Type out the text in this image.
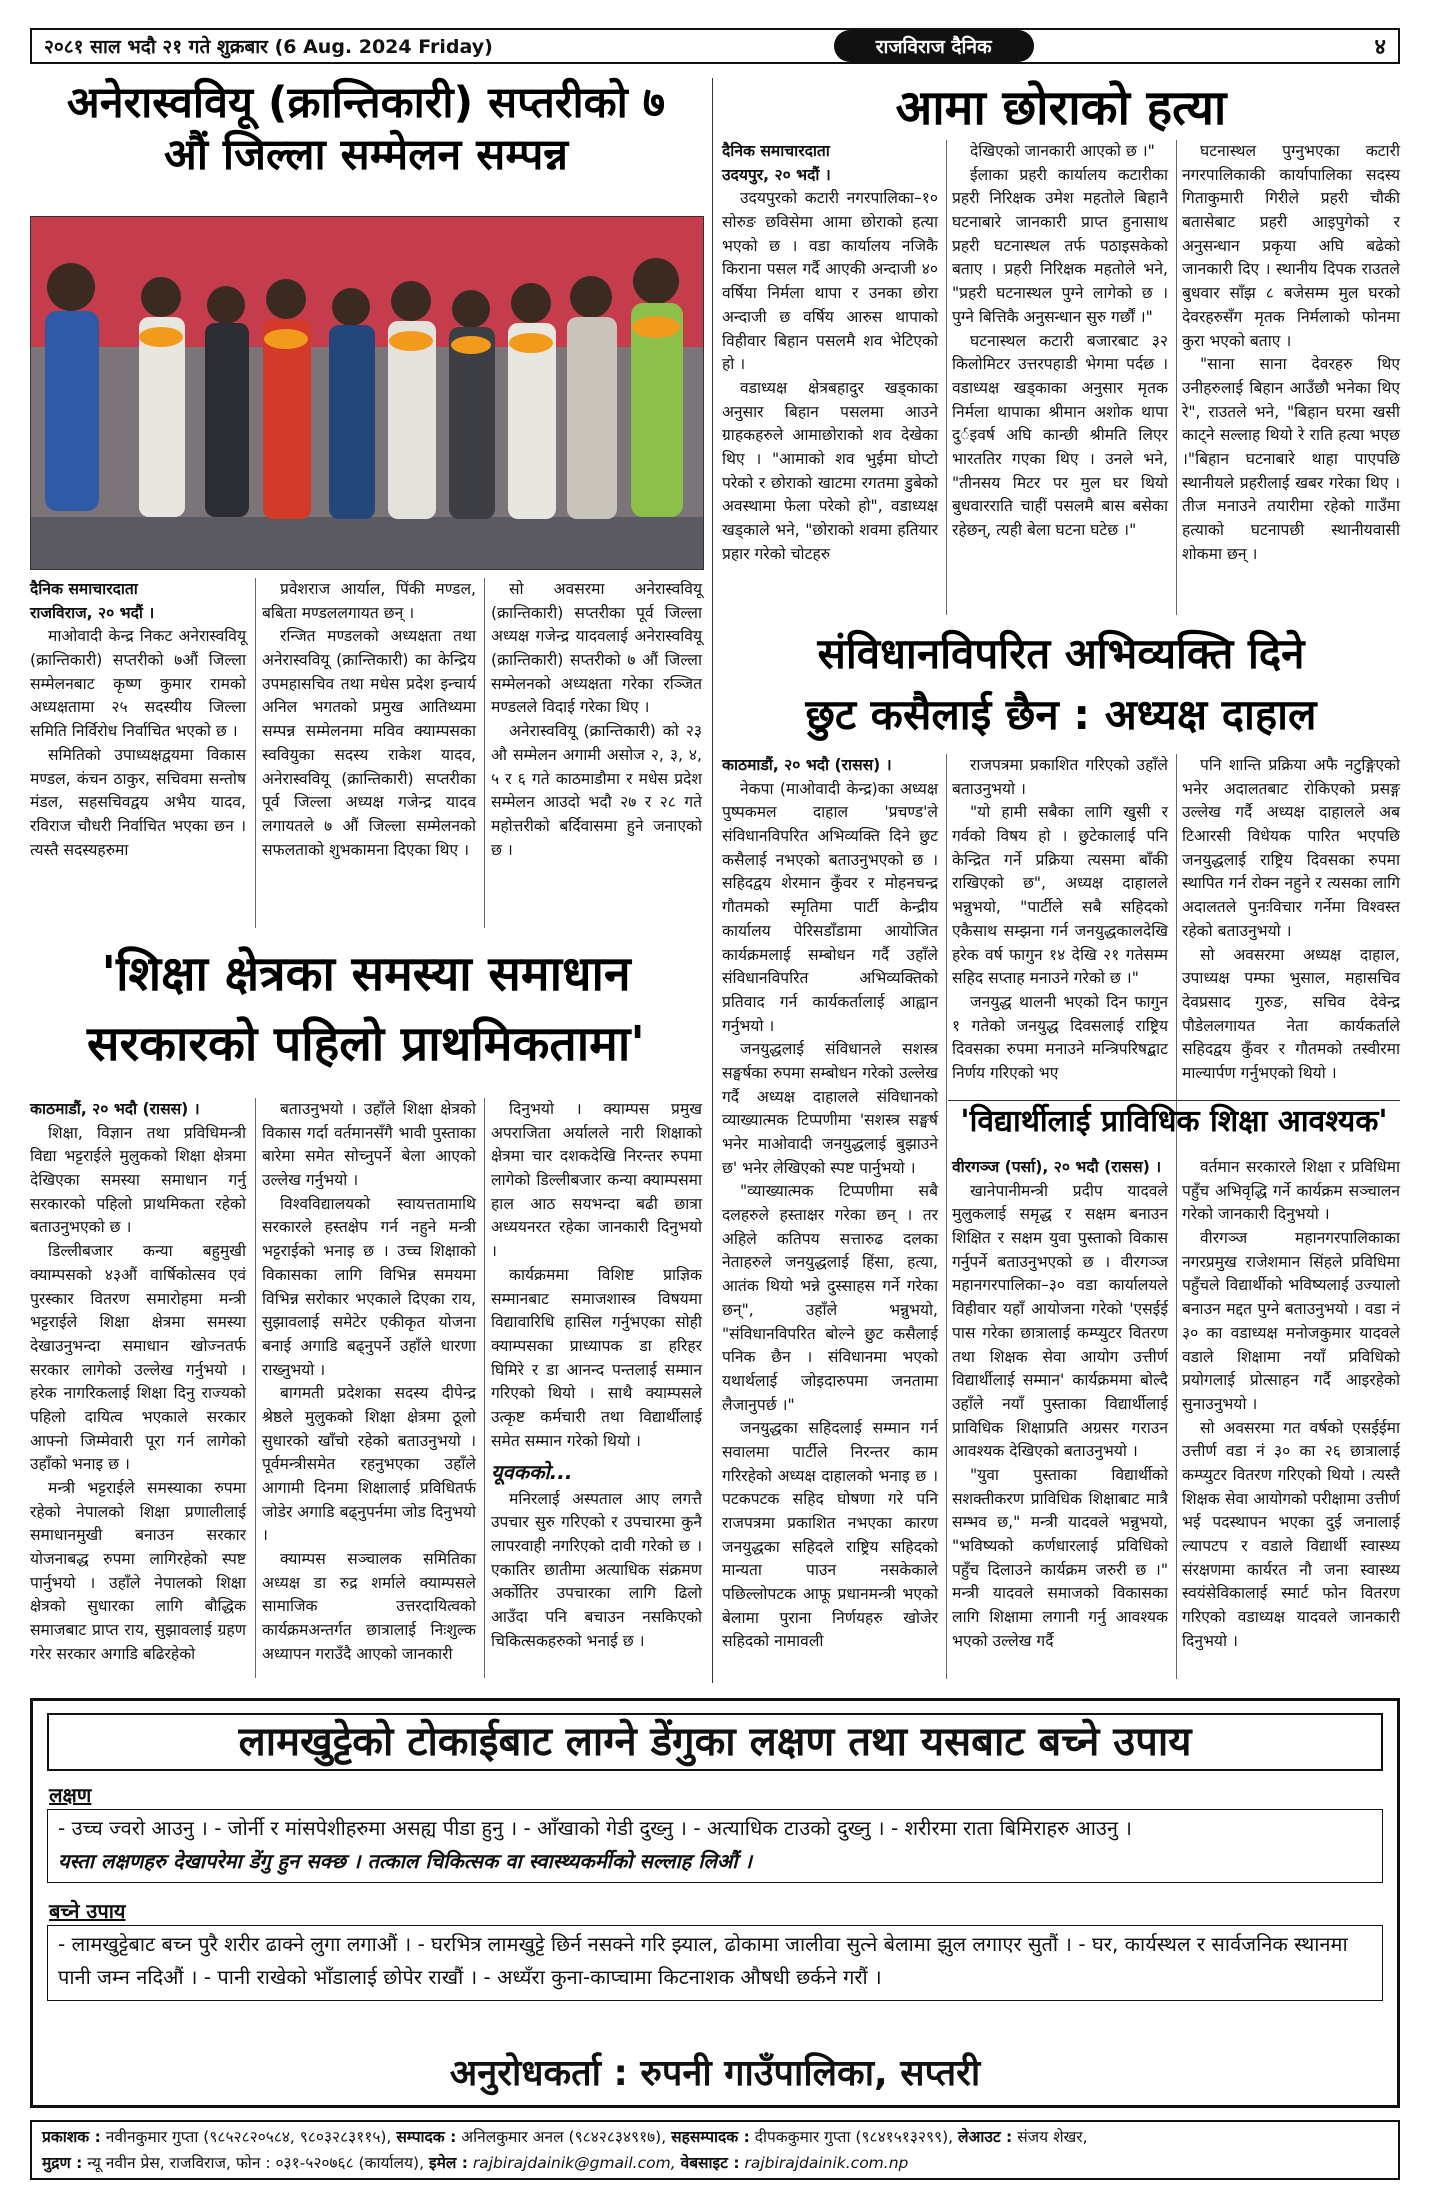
२०८१ साल भदौ २१ गते शुक्रबार (6 Aug. 2024 Friday)	राजविराज दैनिक	४
अनेरास्ववियू (क्रान्तिकारी) सप्तरीको ७
औं जिल्ला सम्मेलन सम्पन्न

दैनिक समाचारदाता

राजविराज, २० भदौं ।

माओवादी केन्द्र निकट अनेरास्ववियू (क्रान्तिकारी) सप्तरीको ७औं जिल्ला सम्मेलनबाट कृष्ण कुमार रामको अध्यक्षतामा २५ सदस्यीय जिल्ला समिति निर्विरोध निर्वाचित भएको छ ।

समितिको उपाध्यक्षद्वयमा विकास मण्डल, कंचन ठाकुर, सचिवमा सन्तोष मंडल, सहसचिवद्वय अभैय यादव, रविराज चौधरी निर्वाचित भएका छन । त्यस्तै सदस्यहरुमा

प्रवेशराज आर्याल, पिंकी मण्डल, बबिता मण्डललगायत छन् ।

रन्जित मण्डलको अध्यक्षता तथा अनेरास्ववियू (क्रान्तिकारी) का केन्द्रिय उपमहासचिव तथा मधेस प्रदेश इन्चार्य अनिल भगतको प्रमुख आतिथ्यमा सम्पन्न सम्मेलनमा मविव क्याम्पसका स्ववियुका सदस्य राकेश यादव, अनेरास्ववियू (क्रान्तिकारी) सप्तरीका पूर्व जिल्ला अध्यक्ष गजेन्द्र यादव लगायतले ७ औं जिल्ला सम्मेलनको सफलताको शुभकामना दिएका थिए ।

सो अवसरमा अनेरास्ववियू (क्रान्तिकारी) सप्तरीका पूर्व जिल्ला अध्यक्ष गजेन्द्र यादवलाई अनेरास्ववियू (क्रान्तिकारी) सप्तरीको ७ औं जिल्ला सम्मेलनको अध्यक्षता गरेका रञ्जित मण्डलले विदाई गरेका थिए ।

अनेरास्ववियू (क्रान्तिकारी) को २३ औ सम्मेलन अगामी असोज २, ३, ४, ५ र ६ गते काठमाडौमा र मधेस प्रदेश सम्मेलन आउदो भदौ २७ र २८ गते महोत्तरीको बर्दिवासमा हुने जनाएको छ ।

'शिक्षा क्षेत्रका समस्या समाधान
सरकारको पहिलो प्राथमिकतामा'

काठमाडौं, २० भदौ (रासस) ।

शिक्षा, विज्ञान तथा प्रविधिमन्त्री विद्या भट्टराईले मुलुकको शिक्षा क्षेत्रमा देखिएका समस्या समाधान गर्नु सरकारको पहिलो प्राथमिकता रहेको बताउनुभएको छ ।

डिल्लीबजार कन्या बहुमुखी क्याम्पसको ४३औं वार्षिकोत्सव एवं पुरस्कार वितरण समारोहमा मन्त्री भट्टराईले शिक्षा क्षेत्रमा समस्या देखाउनुभन्दा समाधान खोज्नतर्फ सरकार लागेको उल्लेख गर्नुभयो । हरेक नागरिकलाई शिक्षा दिनु राज्यको पहिलो दायित्व भएकाले सरकार आफ्नो जिम्मेवारी पूरा गर्न लागेको उहाँको भनाइ छ ।

मन्त्री भट्टराईले समस्याका रुपमा रहेको नेपालको शिक्षा प्रणालीलाई समाधानमुखी बनाउन सरकार योजनाबद्ध रुपमा लागिरहेको स्पष्ट पार्नुभयो । उहाँले नेपालको शिक्षा क्षेत्रको सुधारका लागि बौद्धिक समाजबाट प्राप्त राय, सुझावलाई ग्रहण गरेर सरकार अगाडि बढिरहेको

बताउनुभयो । उहाँले शिक्षा क्षेत्रको विकास गर्दा वर्तमानसँगै भावी पुस्ताका बारेमा समेत सोच्नुपर्ने बेला आएको उल्लेख गर्नुभयो ।

विश्वविद्यालयको स्वायत्ततामाथि सरकारले हस्तक्षेप गर्न नहुने मन्त्री भट्टराईको भनाइ छ । उच्च शिक्षाको विकासका लागि विभिन्न समयमा विभिन्न सरोकार भएकाले दिएका राय, सुझावलाई समेटेर एकीकृत योजना बनाई अगाडि बढ्नुपर्ने उहाँले धारणा राख्नुभयो ।

बागमती प्रदेशका सदस्य दीपेन्द्र श्रेष्ठले मुलुकको शिक्षा क्षेत्रमा ठूलो सुधारको खाँचो रहेको बताउनुभयो । पूर्वमन्त्रीसमेत रहनुभएका उहाँले आगामी दिनमा शिक्षालाई प्रविधितर्फ जोडेर अगाडि बढ्नुपर्नमा जोड दिनुभयो ।

क्याम्पस सञ्चालक समितिका अध्यक्ष डा रुद्र शर्माले क्याम्पसले सामाजिक उत्तरदायित्वको कार्यक्रमअन्तर्गत छात्रालाई निःशुल्क अध्यापन गराउँदै आएको जानकारी

दिनुभयो । क्याम्पस प्रमुख अपराजिता अर्यालले नारी शिक्षाको क्षेत्रमा चार दशकदेखि निरन्तर रुपमा लागेको डिल्लीबजार कन्या क्याम्पसमा हाल आठ सयभन्दा बढी छात्रा अध्ययनरत रहेका जानकारी दिनुभयो ।

कार्यक्रममा विशिष्ट प्राज्ञिक सम्मानबाट समाजशास्त्र विषयमा विद्यावारिधि हासिल गर्नुभएका सोही क्याम्पसका प्राध्यापक डा हरिहर घिमिरे र डा आनन्द पन्तलाई सम्मान गरिएको थियो । साथै क्याम्पसले उत्कृष्ट कर्मचारी तथा विद्यार्थीलाई समेत सम्मान गरेको थियो ।

यूवकको...

मनिरलाई अस्पताल आए लगत्तै उपचार सुरु गरिएको र उपचारमा कुनै लापरवाही नगरिएको दावी गरेको छ । एकातिर छातीमा अत्याधिक संक्रमण अर्कोतिर उपचारका लागि ढिलो आउँदा पनि बचाउन नसकिएको चिकित्सकहरुको भनाई छ ।

आमा छोराको हत्या

दैनिक समाचारदाता

उदयपुर, २० भदौं ।

उदयपुरको कटारी नगरपालिका–१० सोरुङ छविसेमा आमा छोराको हत्या भएको छ । वडा कार्यालय नजिकै किराना पसल गर्दै आएकी अन्दाजी ४० वर्षिया निर्मला थापा र उनका छोरा अन्दाजी छ वर्षिय आरुस थापाको विहीवार बिहान पसलमै शव भेटिएको हो ।

वडाध्यक्ष क्षेत्रबहादुर खड्काका अनुसार बिहान पसलमा आउने ग्राहकहरुले आमाछोराको शव देखेका थिए । "आमाको शव भुईमा घोप्टो परेको र छोराको खाटमा रगतमा डुबेको अवस्थामा फेला परेको हो", वडाध्यक्ष खड्काले भने, "छोराको शवमा हतियार प्रहार गरेको चोटहरु

देखिएको जानकारी आएको छ ।"

ईलाका प्रहरी कार्यालय कटारीका प्रहरी निरिक्षक उमेश महतोले बिहानै घटनाबारे जानकारी प्राप्त हुनासाथ प्रहरी घटनास्थल तर्फ पठाइसकेको बताए । प्रहरी निरिक्षक महतोले भने, "प्रहरी घटनास्थल पुग्ने लागेको छ । पुग्ने बित्तिकै अनुसन्धान सुरु गर्छौं ।"

घटनास्थल कटारी बजारबाट ३२ किलोमिटर उत्तरपहाडी भेगमा पर्दछ । वडाध्यक्ष खड्काका अनुसार मृतक निर्मला थापाका श्रीमान अशोक थापा दुर्इवर्ष अघि कान्छी श्रीमति लिएर भारततिर गएका थिए । उनले भने, "तीनसय मिटर पर मुल घर थियो बुधवारराति चाहीं पसलमै बास बसेका रहेछन्, त्यही बेला घटना घटेछ ।"

घटनास्थल पुग्नुभएका कटारी नगरपालिकाकी कार्यापालिका सदस्य गिताकुमारी गिरीले प्रहरी चौकी बतासेबाट प्रहरी आइपुगेको र अनुसन्धान प्रकृया अघि बढेको जानकारी दिए । स्थानीय दिपक राउतले बुधवार साँझ ८ बजेसम्म मुल घरको देवरहरुसँग मृतक निर्मलाको फोनमा कुरा भएको बताए ।

"साना साना देवरहरु थिए उनीहरुलाई बिहान आउँछौ भनेका थिए रे", राउतले भने, "बिहान घरमा खसी काट्ने सल्लाह थियो रे राति हत्या भएछ ।"बिहान घटनाबारे थाहा पाएपछि स्थानीयले प्रहरीलाई खबर गरेका थिए । तीज मनाउने तयारीमा रहेको गाउँमा हत्याको घटनापछी स्थानीयवासी शोकमा छन् ।

संविधानविपरित अभिव्यक्ति दिने
छुट कसैलाई छैन : अध्यक्ष दाहाल

काठमाडौं, २० भदौ (रासस) ।

नेकपा (माओवादी केन्द्र)का अध्यक्ष पुष्पकमल दाहाल 'प्रचण्ड'ले संविधानविपरित अभिव्यक्ति दिने छुट कसैलाई नभएको बताउनुभएको छ । सहिदद्वय शेरमान कुँवर र मोहनचन्द्र गौतमको स्मृतिमा पार्टी केन्द्रीय कार्यालय पेरिसडाँडामा आयोजित कार्यक्रमलाई सम्बोधन गर्दै उहाँले संविधानविपरित अभिव्यक्तिको प्रतिवाद गर्न कार्यकर्तालाई आह्वान गर्नुभयो ।

जनयुद्धलाई संविधानले सशस्त्र सङ्घर्षका रुपमा सम्बोधन गरेको उल्लेख गर्दै अध्यक्ष दाहालले संविधानको व्याख्यात्मक टिप्पणीमा 'सशस्त्र सङ्घर्ष भनेर माओवादी जनयुद्धलाई बुझाउने छ' भनेर लेखिएको स्पष्ट पार्नुभयो ।

"व्याख्यात्मक टिप्पणीमा सबै दलहरुले हस्ताक्षर गरेका छन् । तर अहिले कतिपय सत्तारुढ दलका नेताहरुले जनयुद्धलाई हिंसा, हत्या, आतंक थियो भन्ने दुस्साहस गर्ने गरेका छन्", उहाँले भन्नुभयो, "संविधानविपरित बोल्ने छुट कसैलाई पनिक छैन । संविधानमा भएको यथार्थलाई जोइदारुपमा जनतामा लैजानुपर्छ ।"

जनयुद्धका सहिदलाई सम्मान गर्न सवालमा पार्टीले निरन्तर काम गरिरहेको अध्यक्ष दाहालको भनाइ छ । पटकपटक सहिद घोषणा गरे पनि राजपत्रमा प्रकाशित नभएका कारण जनयुद्धका सहिदले राष्ट्रिय सहिदको मान्यता पाउन नसकेकाले पछिल्लोपटक आफू प्रधानमन्त्री भएको बेलामा पुराना निर्णयहरु खोजेर सहिदको नामावली

राजपत्रमा प्रकाशित गरिएको उहाँले बताउनुभयो ।

"यो हामी सबैका लागि खुसी र गर्वको विषय हो । छुटेकालाई पनि केन्द्रित गर्ने प्रक्रिया त्यसमा बाँकी राखिएको छ", अध्यक्ष दाहालले भन्नुभयो, "पार्टीले सबै सहिदको एकैसाथ सम्झना गर्न जनयुद्धकालदेखि हरेक वर्ष फागुन १४ देखि २१ गतेसम्म सहिद सप्ताह मनाउने गरेको छ ।"

जनयुद्ध थालनी भएको दिन फागुन १ गतेको जनयुद्ध दिवसलाई राष्ट्रिय दिवसका रुपमा मनाउने मन्त्रिपरिषद्बाट निर्णय गरिएको भए

पनि शान्ति प्रक्रिया अफै नटुङ्गिएको भनेर अदालतबाट रोकिएको प्रसङ्ग उल्लेख गर्दै अध्यक्ष दाहालले अब टिआरसी विधेयक पारित भएपछि जनयुद्धलाई राष्ट्रिय दिवसका रुपमा स्थापित गर्न रोक्न नहुने र त्यसका लागि अदालतले पुनःविचार गर्नेमा विश्वस्त रहेको बताउनुभयो ।

सो अवसरमा अध्यक्ष दाहाल, उपाध्यक्ष पम्फा भुसाल, महासचिव देवप्रसाद गुरुङ, सचिव देवेन्द्र पौडेललगायत नेता कार्यकर्ताले सहिदद्वय कुँवर र गौतमको तस्वीरमा माल्यार्पण गर्नुभएको थियो ।

'विद्यार्थीलाई प्राविधिक शिक्षा आवश्यक'

वीरगञ्ज (पर्सा), २० भदौ (रासस) ।

खानेपानीमन्त्री प्रदीप यादवले मुलुकलाई समृद्ध र सक्षम बनाउन शिक्षित र सक्षम युवा पुस्ताको विकास गर्नुपर्ने बताउनुभएको छ । वीरगञ्ज महानगरपालिका–३० वडा कार्यालयले विहीवार यहाँ आयोजना गरेको 'एसईई पास गरेका छात्रालाई कम्प्युटर वितरण तथा शिक्षक सेवा आयोग उत्तीर्ण विद्यार्थीलाई सम्मान' कार्यक्रममा बोल्दै उहाँले नयाँ पुस्ताका विद्यार्थीलाई प्राविधिक शिक्षाप्रति अग्रसर गराउन आवश्यक देखिएको बताउनुभयो ।

"युवा पुस्ताका विद्यार्थीको सशक्तीकरण प्राविधिक शिक्षाबाट मात्रै सम्भव छ," मन्त्री यादवले भन्नुभयो, "भविष्यको कर्णधारलाई प्रविधिको पहुँच दिलाउने कार्यक्रम जरुरी छ ।" मन्त्री यादवले समाजको विकासका लागि शिक्षामा लगानी गर्नु आवश्यक भएको उल्लेख गर्दै

वर्तमान सरकारले शिक्षा र प्रविधिमा पहुँच अभिवृद्धि गर्ने कार्यक्रम सञ्चालन गरेको जानकारी दिनुभयो ।

वीरगञ्ज महानगरपालिकाका नगरप्रमुख राजेशमान सिंहले प्रविधिमा पहुँचले विद्यार्थीको भविष्यलाई उज्यालो बनाउन मद्दत पुग्ने बताउनुभयो । वडा नं ३० का वडाध्यक्ष मनोजकुमार यादवले वडाले शिक्षामा नयाँ प्रविधिको प्रयोगलाई प्रोत्साहन गर्दै आइरहेको सुनाउनुभयो ।

सो अवसरमा गत वर्षको एसईईमा उत्तीर्ण वडा नं ३० का २६ छात्रालाई कम्प्युटर वितरण गरिएको थियो । त्यस्तै शिक्षक सेवा आयोगको परीक्षामा उत्तीर्ण भई पदस्थापन भएका दुई जनालाई ल्यापटप र वडाले विद्यार्थी स्वास्थ्य संरक्षणमा कार्यरत नौ जना स्वास्थ्य स्वयंसेविकालाई स्मार्ट फोन वितरण गरिएको वडाध्यक्ष यादवले जानकारी दिनुभयो ।

लामखुट्टेको टोकाईबाट लाग्ने डेंगुका लक्षण तथा यसबाट बच्ने उपाय
लक्षण
- उच्च ज्वरो आउनु । - जोर्नी र मांसपेशीहरुमा असह्य पीडा हुनु । - आँखाको गेडी दुख्नु । - अत्याधिक टाउको दुख्नु । - शरीरमा राता बिमिराहरु आउनु ।
यस्ता लक्षणहरु देखापरेमा डेंगु हुन सक्छ । तत्काल चिकित्सक वा स्वास्थ्यकर्मीको सल्लाह लिऔं ।
बच्ने उपाय
- लामखुट्टेबाट बच्न पुरै शरीर ढाक्ने लुगा लगाऔं । - घरभित्र लामखुट्टे छिर्न नसक्ने गरि झ्याल, ढोकामा जालीवा सुत्ने बेलामा झुल लगाएर सुतौं । - घर, कार्यस्थल र सार्वजनिक स्थानमा पानी जम्न नदिऔं । - पानी राखेको भाँडालाई छोपेर राखौं । - अध्यँरा कुना-काप्चामा किटनाशक औषधी छर्कने गरौं ।
अनुरोधकर्ता : रुपनी गाउँपालिका, सप्तरी
प्रकाशक : नवीनकुमार गुप्ता (९८५२८२०५८४, ९८०३२८३११५), सम्पादक : अनिलकुमार अनल (९८४२८३४९१७), सहसम्पादक : दीपककुमार गुप्ता (९८४१५१३२९९), लेआउट : संजय शेखर,
मुद्रण : न्यू नवीन प्रेस, राजविराज, फोन : ०३१-५२०७६८ (कार्यालय), इमेल : rajbirajdainik@gmail.com, वेबसाइट : rajbirajdainik.com.np
